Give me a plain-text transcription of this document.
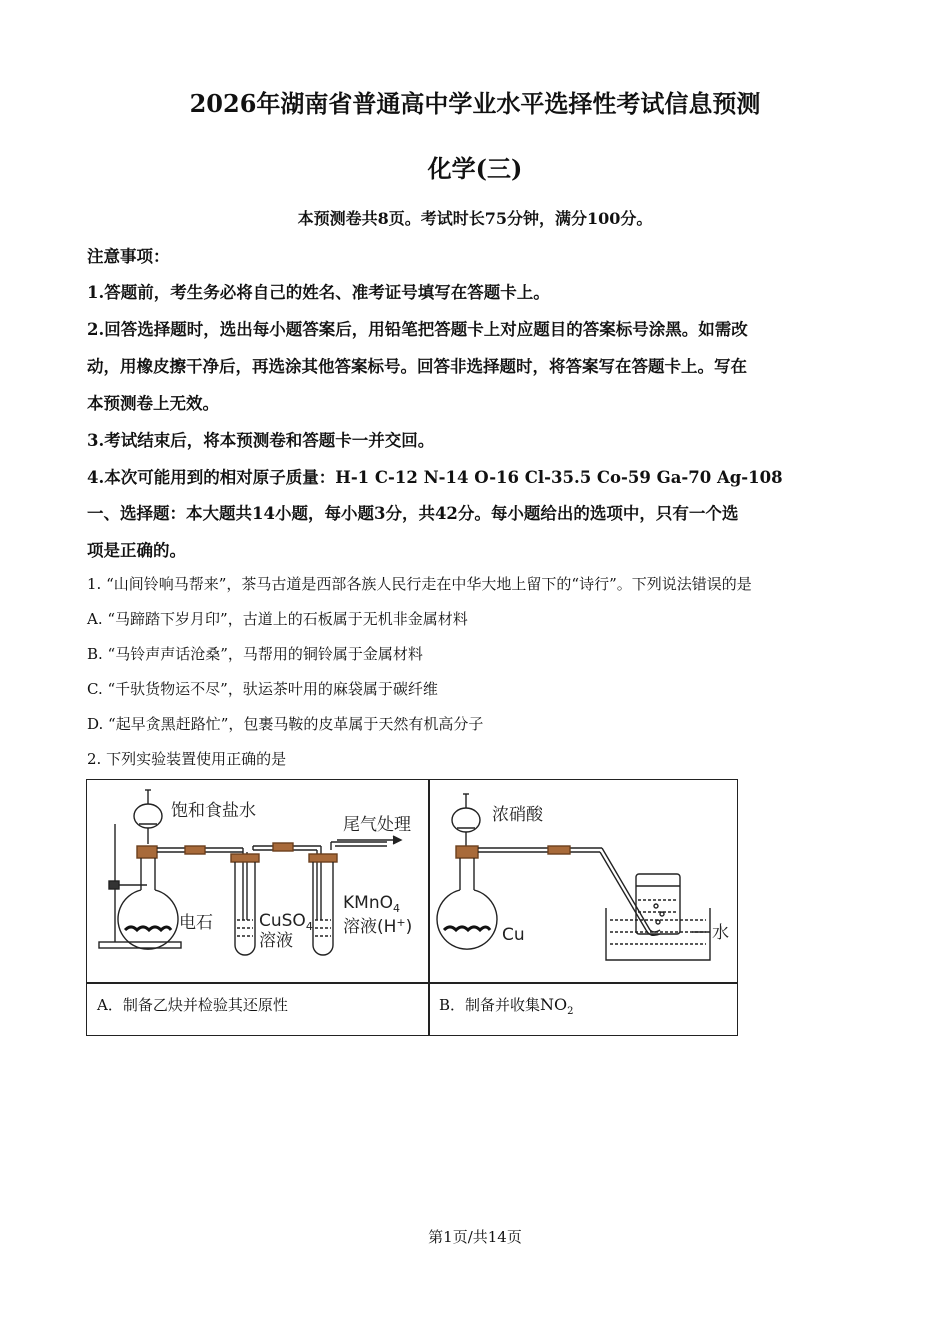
2026年湖南省普通高中学业水平选择性考试信息预测
化学(三)
本预测卷共8页。考试时长75分钟，满分100分。
注意事项：
1.答题前，考生务必将自己的姓名、准考证号填写在答题卡上。
2.回答选择题时，选出每小题答案后，用铅笔把答题卡上对应题目的答案标号涂黑。如需改
动，用橡皮擦干净后，再选涂其他答案标号。回答非选择题时，将答案写在答题卡上。写在
本预测卷上无效。
3.考试结束后，将本预测卷和答题卡一并交回。
4.本次可能用到的相对原子质量：H-1 C-12 N-14 O-16 Cl-35.5 Co-59 Ga-70 Ag-108
一、选择题：本大题共14小题，每小题3分，共42分。每小题给出的选项中，只有一个选
项是正确的。
1. “山间铃响马帮来”，茶马古道是西部各族人民行走在中华大地上留下的“诗行”。下列说法错误的是
A. “马蹄踏下岁月印”，古道上的石板属于无机非金属材料
B. “马铃声声话沧桑”，马帮用的铜铃属于金属材料
C. “千驮货物运不尽”，驮运茶叶用的麻袋属于碳纤维
D. “起早贪黑赶路忙”，包裹马鞍的皮革属于天然有机高分子
2. 下列实验装置使用正确的是
饱和食盐水
尾气处理
电石	CuSO$_4$
溶液
KMnO$_4$
溶液(H+)
浓硝酸
Cu	水
A．制备乙炔并检验其还原性	B．制备并收集$NO_2$
第1页/共14页
